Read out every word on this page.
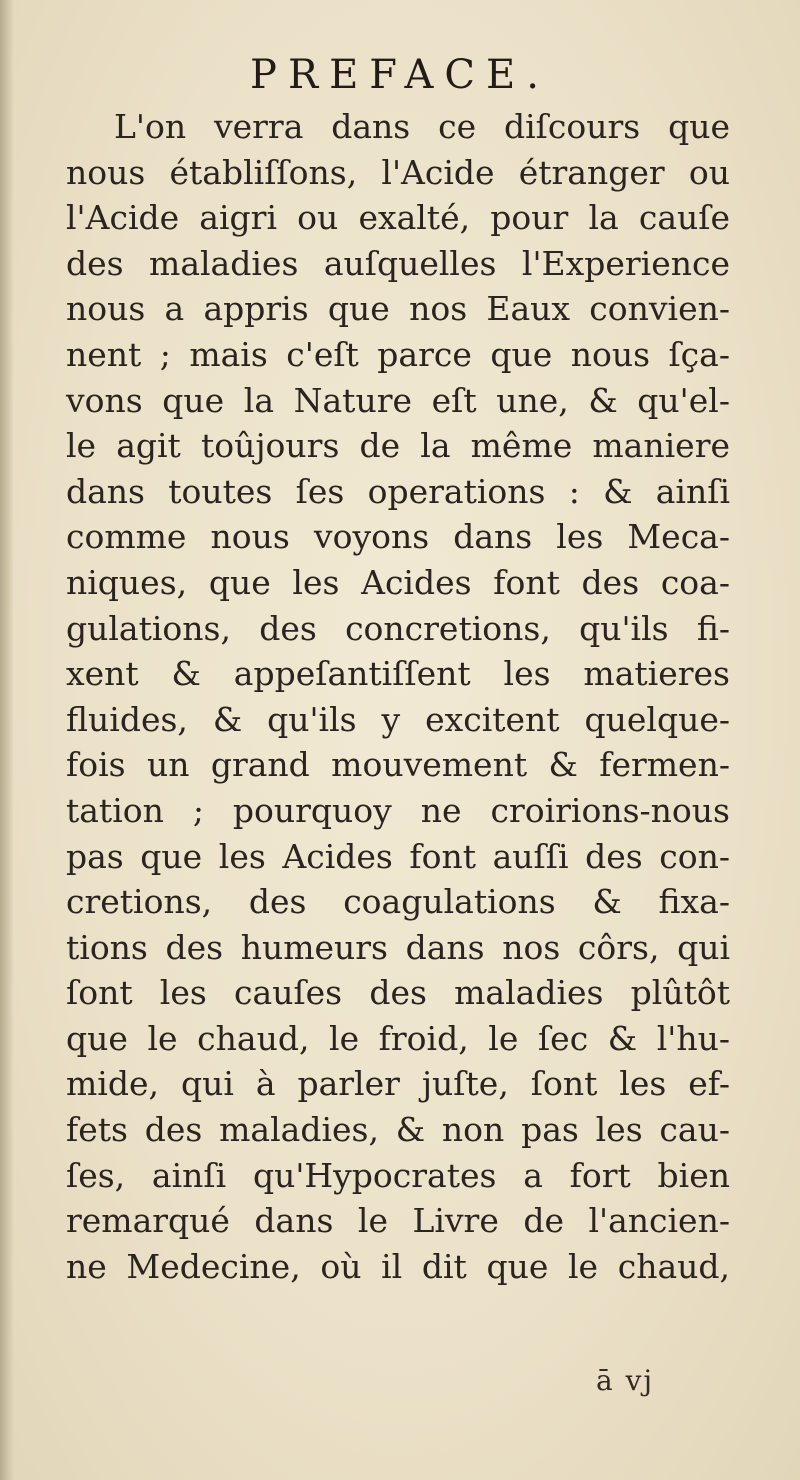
PREFACE.
L'on verra dans ce diſcours que
nous établiſſons, l'Acide étranger ou
l'Acide aigri ou exalté, pour la cauſe
des maladies auſquelles l'Experience
nous a appris que nos Eaux convien-
nent ; mais c'eſt parce que nous ſça-
vons que la Nature eſt une, & qu'el-
le agit toûjours de la même maniere
dans toutes ſes operations : & ainſi
comme nous voyons dans les Meca-
niques, que les Acides font des coa-
gulations, des concretions, qu'ils fi-
xent & appeſantiſſent les matieres
fluides, & qu'ils y excitent quelque-
fois un grand mouvement & fermen-
tation ; pourquoy ne croirions-nous
pas que les Acides font auſſi des con-
cretions, des coagulations & fixa-
tions des humeurs dans nos côrs, qui
ſont les cauſes des maladies plûtôt
que le chaud, le froid, le ſec & l'hu-
mide, qui à parler juſte, ſont les ef-
fets des maladies, & non pas les cau-
ſes, ainſi qu'Hypocrates a fort bien
remarqué dans le Livre de l'ancien-
ne Medecine, où il dit que le chaud,
ā vj
